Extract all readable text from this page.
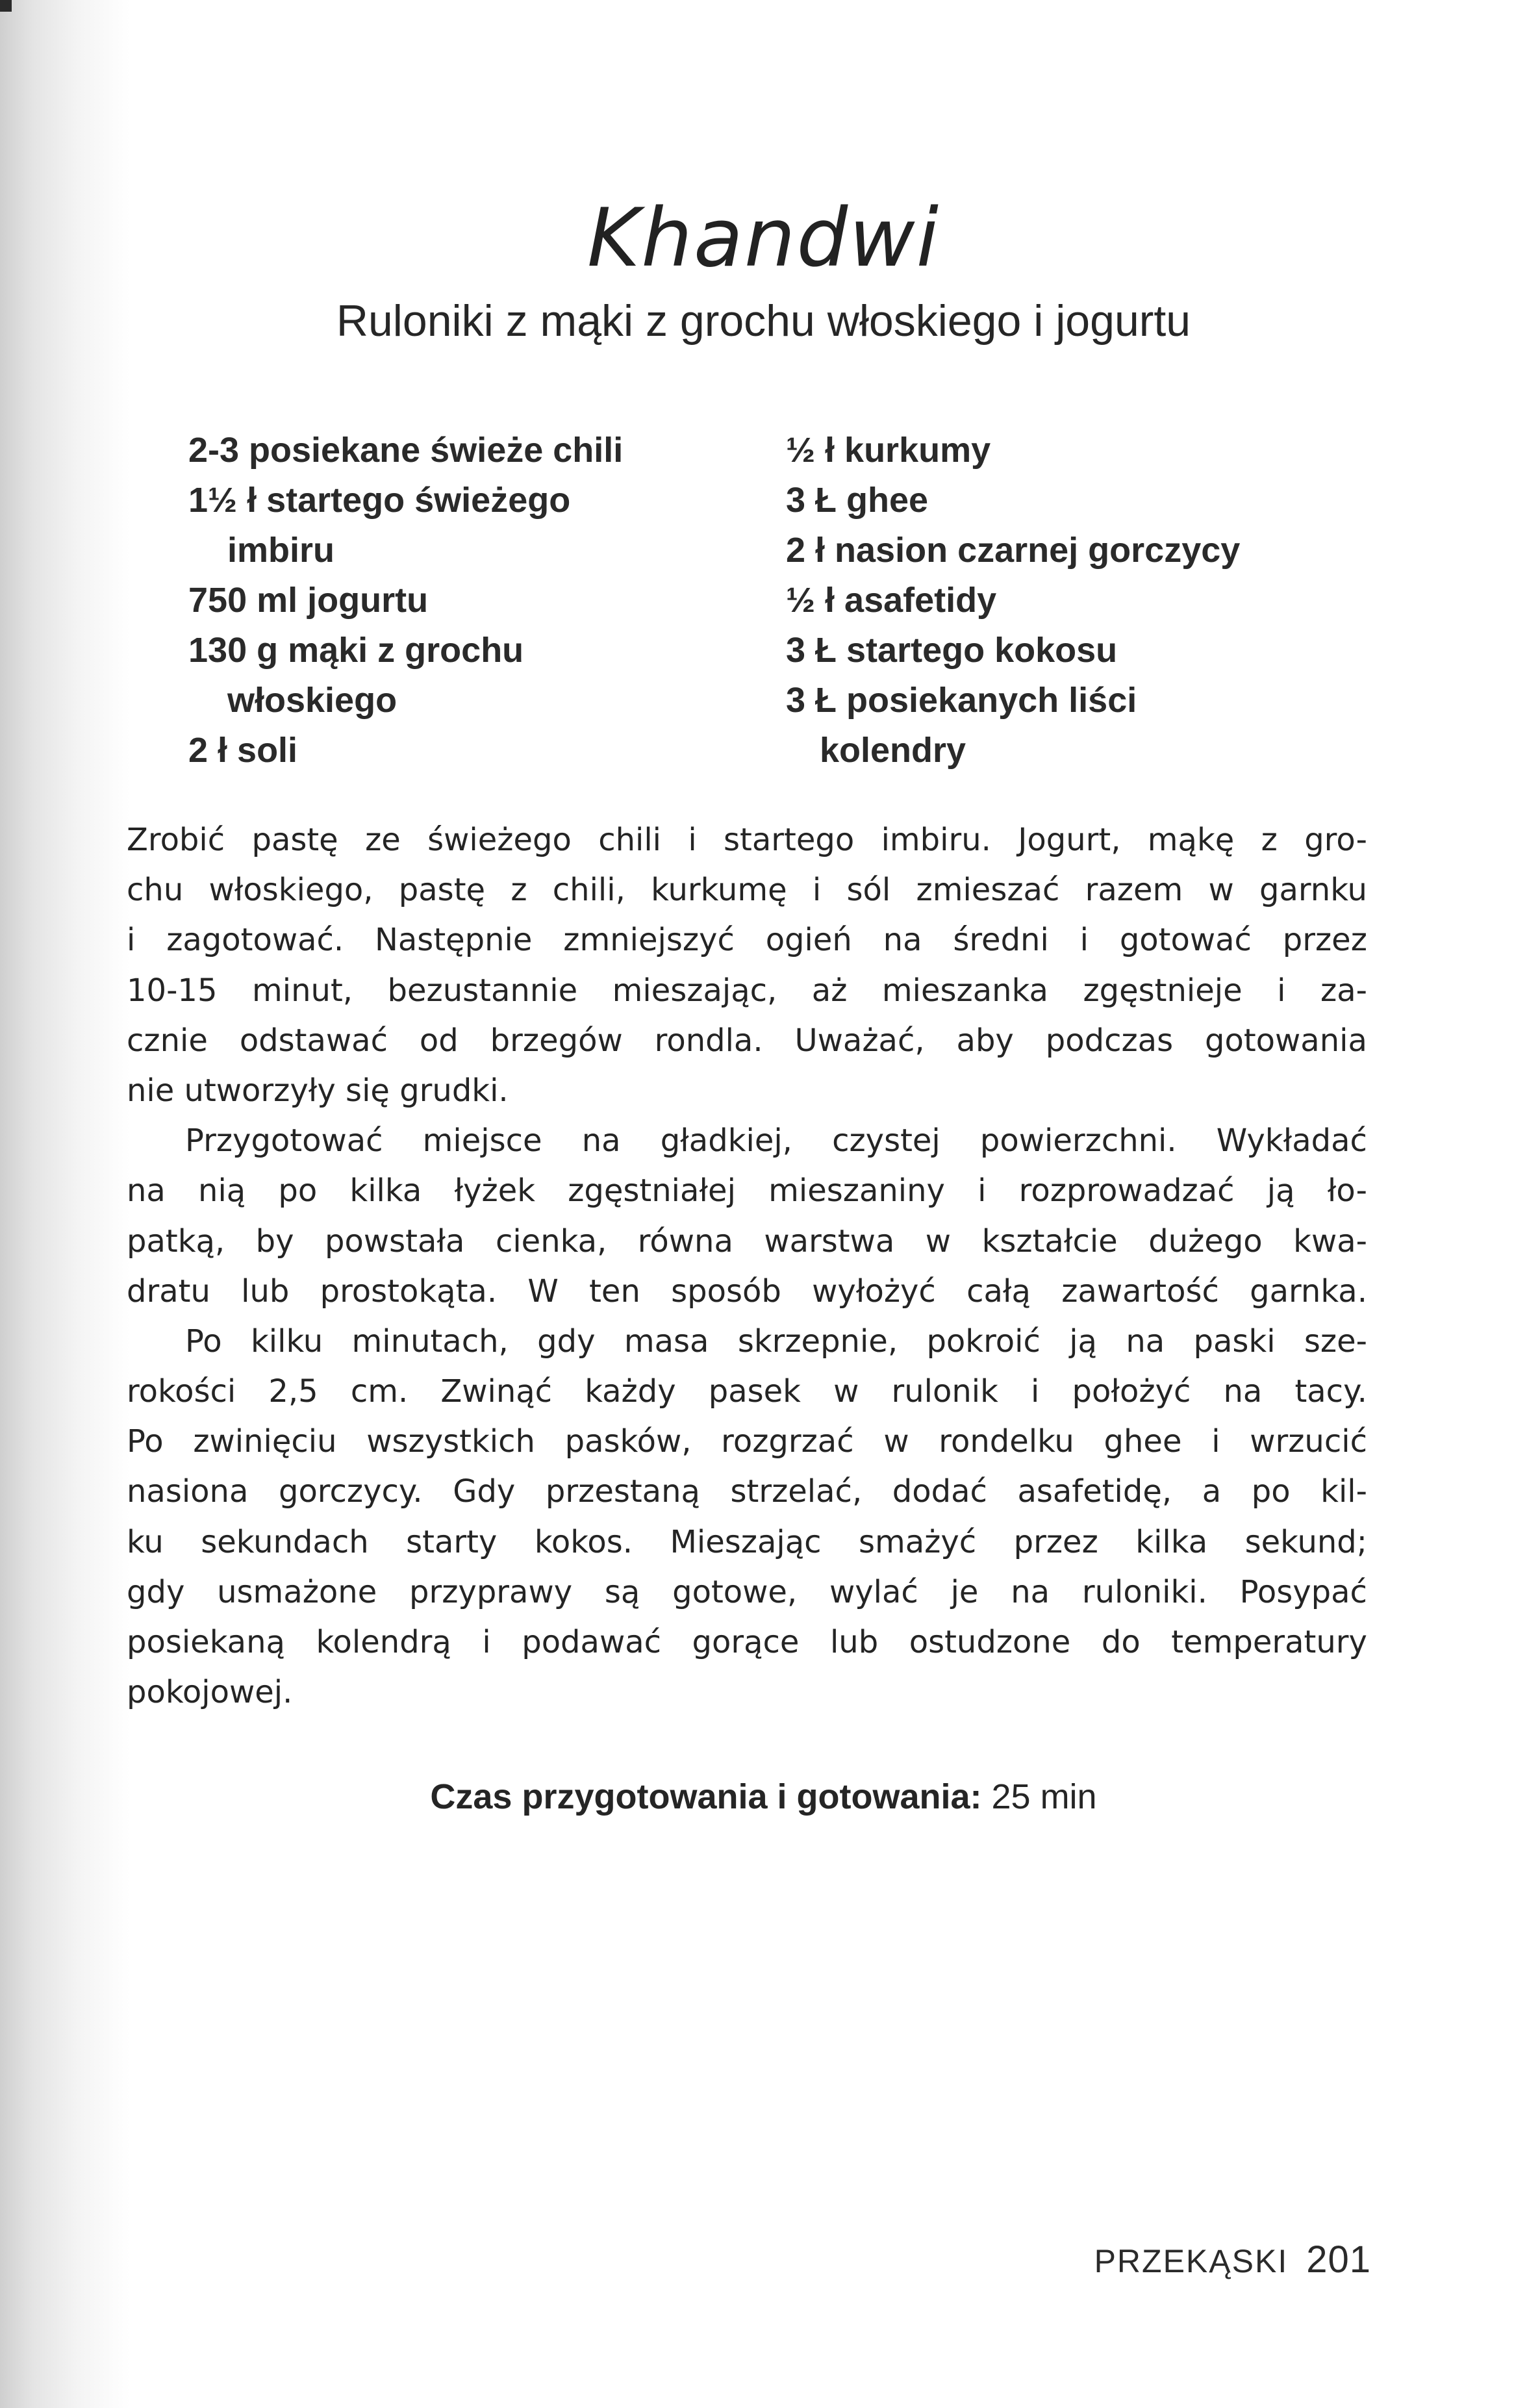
Khandwi
Ruloniki z mąki z grochu włoskiego i jogurtu
2-3 posiekane świeże chili
1½ ł startego świeżego
imbiru
750 ml jogurtu
130 g mąki z grochu
włoskiego
2 ł soli
½ ł kurkumy
3 Ł ghee
2 ł nasion czarnej gorczycy
½ ł asafetidy
3 Ł startego kokosu
3 Ł posiekanych liści
kolendry
Zrobić pastę ze świeżego chili i startego imbiru. Jogurt, mąkę z gro-
chu włoskiego, pastę z chili, kurkumę i sól zmieszać razem w garnku
i zagotować. Następnie zmniejszyć ogień na średni i gotować przez
10-15 minut, bezustannie mieszając, aż mieszanka zgęstnieje i za-
cznie odstawać od brzegów rondla. Uważać, aby podczas gotowania
nie utworzyły się grudki.
Przygotować miejsce na gładkiej, czystej powierzchni. Wykładać
na nią po kilka łyżek zgęstniałej mieszaniny i rozprowadzać ją ło-
patką, by powstała cienka, równa warstwa w kształcie dużego kwa-
dratu lub prostokąta. W ten sposób wyłożyć całą zawartość garnka.
Po kilku minutach, gdy masa skrzepnie, pokroić ją na paski sze-
rokości 2,5 cm. Zwinąć każdy pasek w rulonik i położyć na tacy.
Po zwinięciu wszystkich pasków, rozgrzać w rondelku ghee i wrzucić
nasiona gorczycy. Gdy przestaną strzelać, dodać asafetidę, a po kil-
ku sekundach starty kokos. Mieszając smażyć przez kilka sekund;
gdy usmażone przyprawy są gotowe, wylać je na ruloniki. Posypać
posiekaną kolendrą i podawać gorące lub ostudzone do temperatury
pokojowej.
Czas przygotowania i gotowania: 25 min
PRZEKĄSKI 201
